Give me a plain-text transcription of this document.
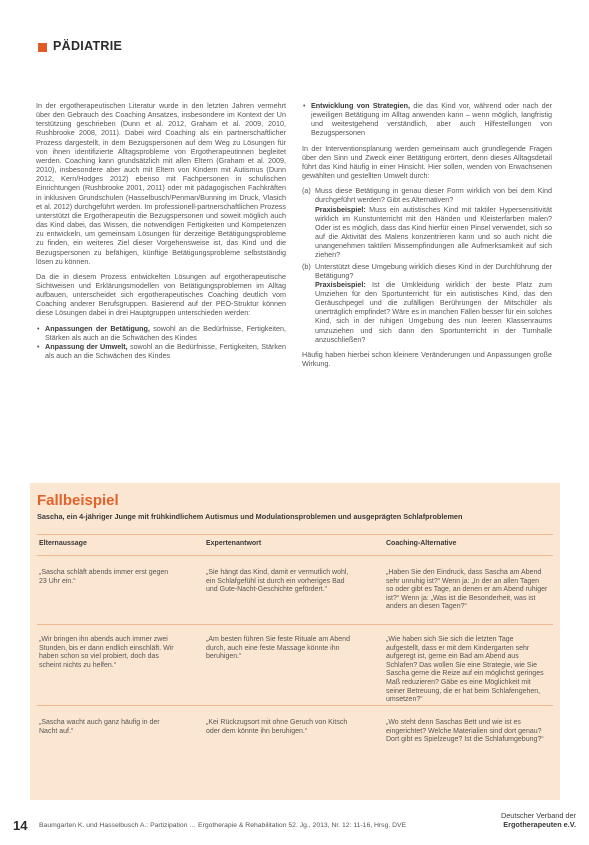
PÄDIATRIE

In der ergotherapeutischen Literatur wurde in den letzten Jahren vermehrt über den Gebrauch des Coaching Ansatzes, insbesondere im Kontext der Un terstützung geschrieben (Dunn et al. 2012, Graham et al. 2009, 2010, Rushbrooke 2008, 2011). Dabei wird Coaching als ein partnerschaftlicher Prozess dargestellt, in dem Bezugspersonen auf dem Weg zu Lösungen für von ihnen identifizierte Alltagsprobleme von Ergotherapeutinnen begleitet werden. Coaching kann grundsätzlich mit allen Eltern (Graham et al. 2009, 2010), insbesondere aber auch mit Eltern von Kindern mit Autismus (Dunn 2012, Kern/Hodges 2012) ebenso mit Fachpersonen in schulischen Einrichtungen (Rushbrooke 2001, 2011) oder mit pädagogischen Fachkräften in inklusiven Grundschulen (Hasselbusch/Penman/Bunning im Druck, Vlasich et al. 2012) durchgeführt werden. Im professionell-partnerschaftlichen Prozess unterstützt die Ergotherapeutin die Bezugspersonen und soweit möglich auch das Kind dabei, das Wissen, die notwendigen Fertigkeiten und Kompetenzen zu entwickeln, um gemeinsam Lösungen für derzeitige Betätigungsprobleme zu finden, ein weiteres Ziel dieser Vorgehensweise ist, das Kind und die Bezugspersonen zu befähigen, künftige Betätigungsprobleme selbstständig lösen zu können.

Da die in diesem Prozess entwickelten Lösungen auf ergotherapeutische Sichtweisen und Erklärungsmodellen von Betätigungsproblemen im Alltag aufbauen, unterscheidet sich ergotherapeutisches Coaching deutlich vom Coaching anderer Berufsgruppen. Basierend auf der PEO-Struktur können diese Lösungen dabei in drei Hauptgruppen unterschieden werden:

• Anpassungen der Betätigung, sowohl an die Bedürfnisse, Fertigkeiten, Stärken als auch an die Schwächen des Kindes
• Anpassung der Umwelt, sowohl an die Bedürfnisse, Fertigkeiten, Stärken als auch an die Schwächen des Kindes
• Entwicklung von Strategien, die das Kind vor, während oder nach der jeweiligen Betätigung im Alltag anwenden kann – wenn möglich, langfristig und weitestgehend verständlich, aber auch Hilfestellungen von Bezugspersonen

In der Interventionsplanung werden gemeinsam auch grundlegende Fragen über den Sinn und Zweck einer Betätigung erörtert, denn dieses Alltagsdetail führt das Kind häufig in einer Hinsicht. Hier sollen, wenden von Erwachsenen gewählten und gestellten Umwelt durch:

(a) Muss diese Betätigung in genau dieser Form wirklich von bei dem Kind durchgeführt werden? Gibt es Alternativen?
Praxisbeispiel: Muss ein autistisches Kind mit taktiler Hypersensitivität wirklich im Kunstunterricht mit den Händen und Kleisterfarben malen? Oder ist es möglich, dass das Kind hierfür einen Pinsel verwendet, sich so auf die Aktivität des Malens konzentrieren kann und so auch nicht die unangenehmen taktilen Missempfindungen alle Aufmerksamkeit auf sich ziehen?
(b) Unterstützt diese Umgebung wirklich dieses Kind in der Durchführung der Betätigung?
Praxisbeispiel: Ist die Umkleidung wirklich der beste Platz zum Umziehen für den Sportunterricht für ein autistisches Kind, das den Geräuschpegel und die zufälligen Berührungen der Mitschüler als unerträglich empfindet? Wäre es in manchen Fällen besser für ein solches Kind, sich in der ruhigen Umgebung des nun leeren Klassenraums umzuziehen und sich dann den Sportunterricht in der Turnhalle anzuschließen?

Häufig haben hierbei schon kleinere Veränderungen und Anpassungen große Wirkung.

Fallbeispiel
Sascha, ein 4-jähriger Junge mit frühkindlichem Autismus und Modulationsproblemen und ausgeprägten Schlafproblemen
Elternaussage	Expertenantwort	Coaching-Alternative
„Sascha schläft abends immer erst gegen 23 Uhr ein.“
„Sie hängt das Kind, damit er vermutlich wohl, ein Schlafgefühl ist durch ein vorheriges Bad und Gute-Nacht-Geschichte gefördert.“
„Haben Sie den Eindruck, dass Sascha am Abend sehr unruhig ist?“ Wenn ja: „In der an allen Tagen so oder gibt es Tage, an denen er am Abend ruhiger ist?“ Wenn ja: „Was ist die Besonderheit, was ist anders an diesen Tagen?“
„Wir bringen ihn abends auch immer zwei Stunden, bis er dann endlich einschläft. Wir haben schon so viel probiert, doch das scheint nichts zu helfen.“
„Am besten führen Sie feste Rituale am Abend durch, auch eine feste Massage könnte ihn beruhigen.“
„Wie haben sich Sie sich die letzten Tage aufgestellt, dass er mit dem Kindergarten sehr aufgeregt ist, gerne ein Bad am Abend aus Schlafen? Das wollen Sie eine Strategie, wie Sie Sascha gerne die Reize auf ein möglichst geringes Maß reduzieren? Gäbe es eine Möglichkeit mit seiner Betreuung, die er hat beim Schlafengehen, umsetzen?“
„Sascha wacht auch ganz häufig in der Nacht auf.“
„Kei Rückzugsort mit ohne Geruch von Kitsch oder dem könnte ihn beruhigen.“
„Wo steht denn Saschas Bett und wie ist es eingerichtet? Welche Materialien sind dort genau? Dort gibt es Spielzeuge? Ist die Schlafumgebung?“
14 Baumgarten K. und Hasselbusch A.: Partizipation … Ergotherapie & Rehabilitation 52. Jg., 2013, Nr. 12: 11-16, Hrsg. DVE
Deutscher Verband der
Ergotherapeuten e.V.
